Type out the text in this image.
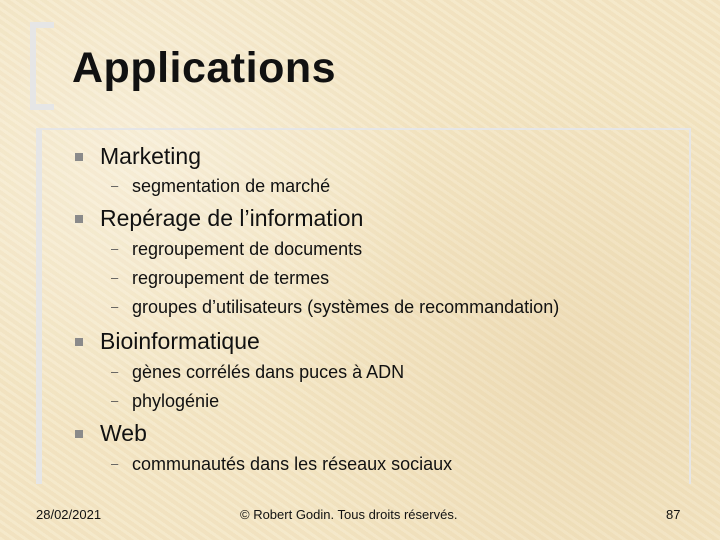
Applications
Marketing
– segmentation de marché
Repérage de l’information
– regroupement de documents
– regroupement de termes
– groupes d’utilisateurs (systèmes de recommandation)
Bioinformatique
– gènes corrélés dans puces à ADN
– phylogénie
Web
– communautés dans les réseaux sociaux
28/02/2021	© Robert Godin. Tous droits réservés.	87
